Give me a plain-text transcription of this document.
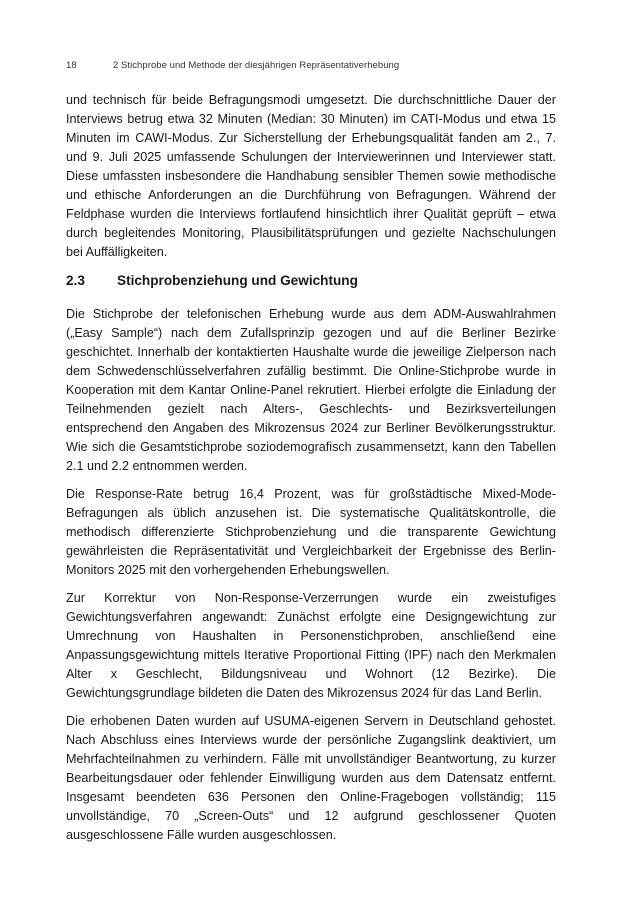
18	2 Stichprobe und Methode der diesjährigen Repräsentativerhebung

und technisch für beide Befragungsmodi umgesetzt. Die durchschnittliche Dauer der Interviews betrug etwa 32 Minuten (Median: 30 Minuten) im CATI-Modus und etwa 15 Minuten im CAWI-Modus. Zur Sicherstellung der Erhebungsqualität fanden am 2., 7. und 9. Juli 2025 umfassende Schulungen der Interviewerinnen und Interviewer statt. Diese umfassten insbesondere die Handhabung sensibler Themen sowie methodische und ethische Anforderungen an die Durchführung von Befragungen. Während der Feldphase wurden die Interviews fortlaufend hinsichtlich ihrer Qualität geprüft – etwa durch begleitendes Monitoring, Plausibilitätsprüfungen und gezielte Nachschulungen bei Auffälligkeiten.

2.3 Stichprobenziehung und Gewichtung

Die Stichprobe der telefonischen Erhebung wurde aus dem ADM-Auswahlrahmen („Easy Sample“) nach dem Zufallsprinzip gezogen und auf die Berliner Bezirke geschichtet. Innerhalb der kontaktierten Haushalte wurde die jeweilige Zielperson nach dem Schwedenschlüsselverfahren zufällig bestimmt. Die Online-Stichprobe wurde in Kooperation mit dem Kantar Online-Panel rekrutiert. Hierbei erfolgte die Einladung der Teilnehmenden gezielt nach Alters-, Geschlechts- und Bezirksverteilungen entsprechend den Angaben des Mikrozensus 2024 zur Berliner Bevölkerungsstruktur. Wie sich die Gesamtstichprobe soziodemografisch zusammensetzt, kann den Tabellen 2.1 und 2.2 entnommen werden.

Die Response-Rate betrug 16,4 Prozent, was für großstädtische Mixed-Mode-Befragungen als üblich anzusehen ist. Die systematische Qualitätskontrolle, die methodisch differenzierte Stichprobenziehung und die transparente Gewichtung gewährleisten die Repräsentativität und Vergleichbarkeit der Ergebnisse des Berlin-Monitors 2025 mit den vorhergehenden Erhebungswellen.

Zur Korrektur von Non-Response-Verzerrungen wurde ein zweistufiges Gewichtungsverfahren angewandt: Zunächst erfolgte eine Designgewichtung zur Umrechnung von Haushalten in Personenstichproben, anschließend eine Anpassungsgewichtung mittels Iterative Proportional Fitting (IPF) nach den Merkmalen Alter x Geschlecht, Bildungsniveau und Wohnort (12 Bezirke). Die Gewichtungsgrundlage bildeten die Daten des Mikrozensus 2024 für das Land Berlin.

Die erhobenen Daten wurden auf USUMA-eigenen Servern in Deutschland gehostet. Nach Abschluss eines Interviews wurde der persönliche Zugangslink deaktiviert, um Mehrfachteilnahmen zu verhindern. Fälle mit unvollständiger Beantwortung, zu kurzer Bearbeitungsdauer oder fehlender Einwilligung wurden aus dem Datensatz entfernt. Insgesamt beendeten 636 Personen den Online-Fragebogen vollständig; 115 unvollständige, 70 „Screen-Outs“ und 12 aufgrund geschlossener Quoten ausgeschlossene Fälle wurden ausgeschlossen.
